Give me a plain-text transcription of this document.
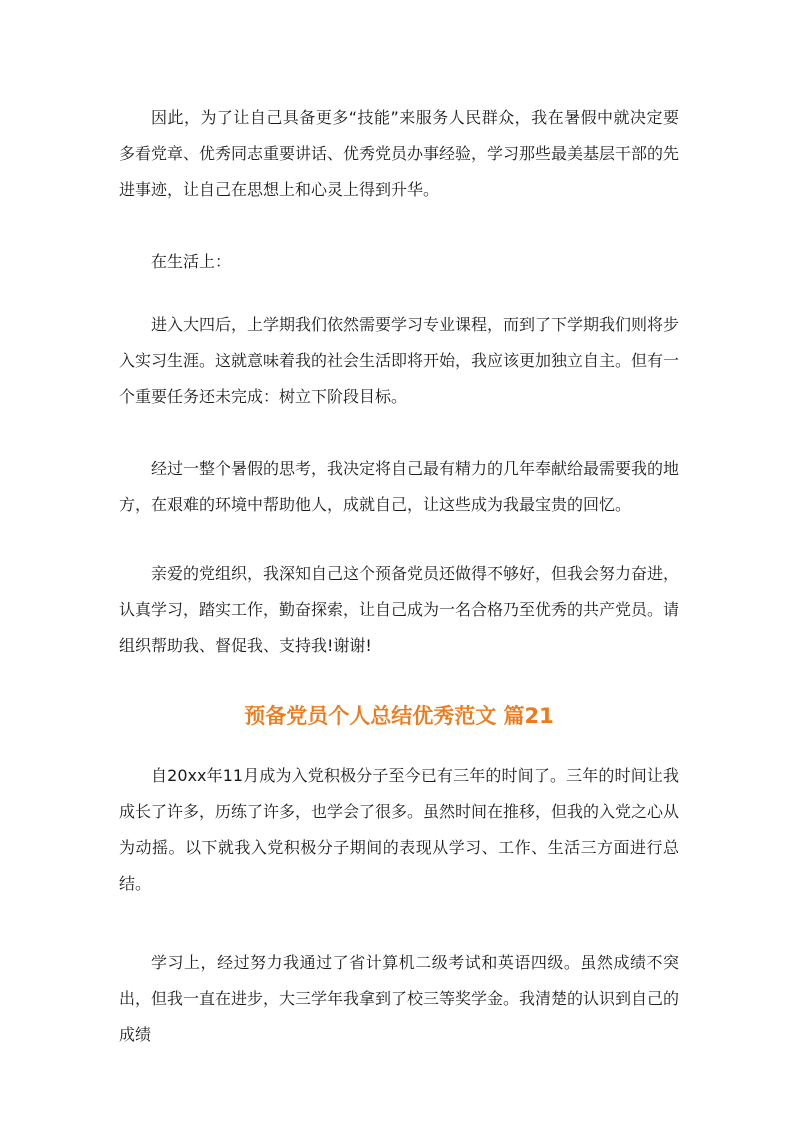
因此，为了让自己具备更多“技能”来服务人民群众，我在暑假中就决定要多看党章、优秀同志重要讲话、优秀党员办事经验，学习那些最美基层干部的先进事迹，让自己在思想上和心灵上得到升华。

在生活上：

进入大四后，上学期我们依然需要学习专业课程，而到了下学期我们则将步入实习生涯。这就意味着我的社会生活即将开始，我应该更加独立自主。但有一个重要任务还未完成：树立下阶段目标。

经过一整个暑假的思考，我决定将自己最有精力的几年奉献给最需要我的地方，在艰难的环境中帮助他人，成就自己，让这些成为我最宝贵的回忆。

亲爱的党组织，我深知自己这个预备党员还做得不够好，但我会努力奋进，认真学习，踏实工作，勤奋探索，让自己成为一名合格乃至优秀的共产党员。请组织帮助我、督促我、支持我!谢谢!

预备党员个人总结优秀范文 篇21

自20xx年11月成为入党积极分子至今已有三年的时间了。三年的时间让我成长了许多，历练了许多，也学会了很多。虽然时间在推移，但我的入党之心从为动摇。以下就我入党积极分子期间的表现从学习、工作、生活三方面进行总结。

学习上，经过努力我通过了省计算机二级考试和英语四级。虽然成绩不突出，但我一直在进步，大三学年我拿到了校三等奖学金。我清楚的认识到自己的成绩
